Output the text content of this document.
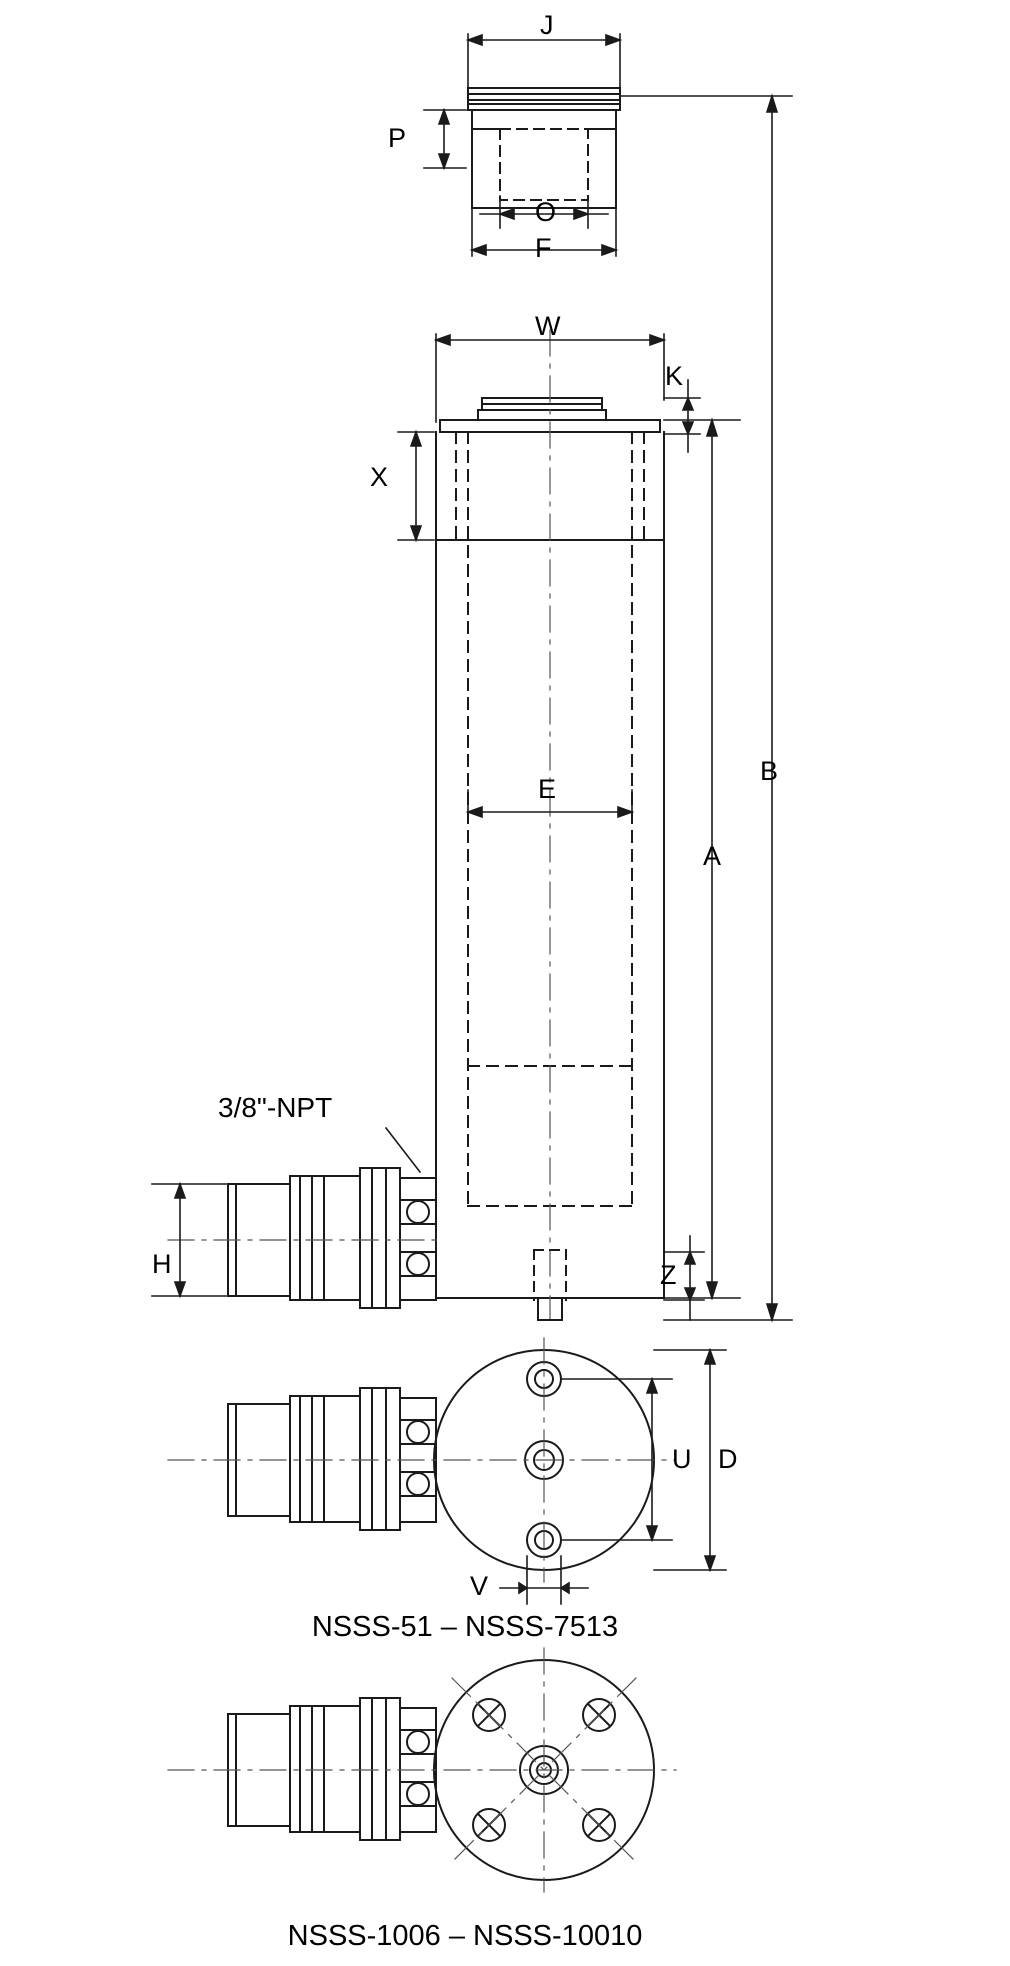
J
P
O
F
W
K
X
B
A
E
H	Z
U D
V
3/8"-NPT
NSSS-51 – NSSS-7513
NSSS-1006 – NSSS-10010
